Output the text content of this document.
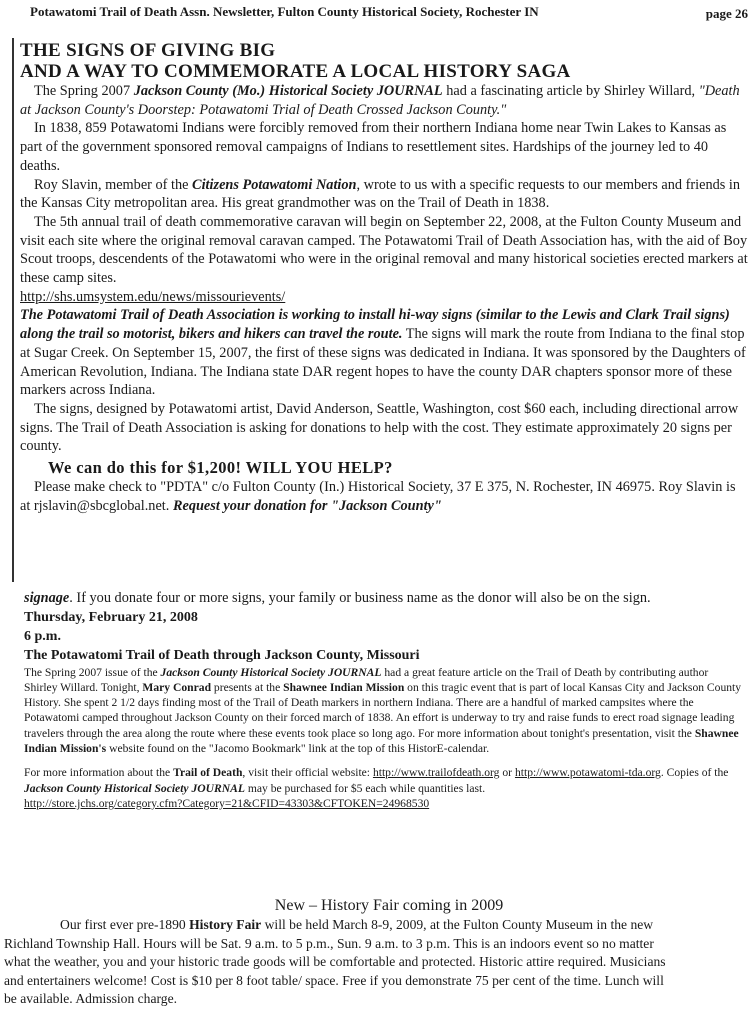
Potawatomi Trail of Death Assn. Newsletter, Fulton County Historical Society, Rochester IN	page 26
THE SIGNS OF GIVING BIG
AND A WAY TO COMMEMORATE A LOCAL HISTORY SAGA

The Spring 2007 Jackson County (Mo.) Historical Society JOURNAL had a fascinating article by Shirley Willard, "Death at Jackson County's Doorstep: Potawatomi Trial of Death Crossed Jackson County."

In 1838, 859 Potawatomi Indians were forcibly removed from their northern Indiana home near Twin Lakes to Kansas as part of the government sponsored removal campaigns of Indians to resettlement sites. Hardships of the journey led to 40 deaths.

Roy Slavin, member of the Citizens Potawatomi Nation, wrote to us with a specific requests to our members and friends in the Kansas City metropolitan area. His great grandmother was on the Trail of Death in 1838.

The 5th annual trail of death commemorative caravan will begin on September 22, 2008, at the Fulton County Museum and visit each site where the original removal caravan camped. The Potawatomi Trail of Death Association has, with the aid of Boy Scout troops, descendents of the Potawatomi who were in the original removal and many historical societies erected markers at these camp sites.

http://shs.umsystem.edu/news/missourievents/

The Potawatomi Trail of Death Association is working to install hi-way signs (similar to the Lewis and Clark Trail signs) along the trail so motorist, bikers and hikers can travel the route. The signs will mark the route from Indiana to the final stop at Sugar Creek. On September 15, 2007, the first of these signs was dedicated in Indiana. It was sponsored by the Daughters of American Revolution, Indiana. The Indiana state DAR regent hopes to have the county DAR chapters sponsor more of these markers across Indiana.

The signs, designed by Potawatomi artist, David Anderson, Seattle, Washington, cost $60 each, including directional arrow signs. The Trail of Death Association is asking for donations to help with the cost. They estimate approximately 20 signs per county.

We can do this for $1,200! WILL YOU HELP?

Please make check to "PDTA" c/o Fulton County (In.) Historical Society, 37 E 375, N. Rochester, IN 46975. Roy Slavin is at rjslavin@sbcglobal.net. Request your donation for "Jackson County"

signage. If you donate four or more signs, your family or business name as the donor will also be on the sign.

Thursday, February 21, 2008

6 p.m.

The Potawatomi Trail of Death through Jackson County, Missouri

The Spring 2007 issue of the Jackson County Historical Society JOURNAL had a great feature article on the Trail of Death by contributing author Shirley Willard. Tonight, Mary Conrad presents at the Shawnee Indian Mission on this tragic event that is part of local Kansas City and Jackson County History. She spent 2 1/2 days finding most of the Trail of Death markers in northern Indiana. There are a handful of marked campsites where the Potawatomi camped throughout Jackson County on their forced march of 1838. An effort is underway to try and raise funds to erect road signage leading travelers through the area along the route where these events took place so long ago. For more information about tonight's presentation, visit the Shawnee Indian Mission's website found on the "Jacomo Bookmark" link at the top of this HistorE-calendar.

For more information about the Trail of Death, visit their official website: http://www.trailofdeath.org or http://www.potawatomi-tda.org. Copies of the Jackson County Historical Society JOURNAL may be purchased for $5 each while quantities last.

http://store.jchs.org/category.cfm?Category=21&CFID=43303&CFTOKEN=24968530

New – History Fair coming in 2009

Our first ever pre-1890 History Fair will be held March 8-9, 2009, at the Fulton County Museum in the new

Richland Township Hall. Hours will be Sat. 9 a.m. to 5 p.m., Sun. 9 a.m. to 3 p.m. This is an indoors event so no matter

what the weather, you and your historic trade goods will be comfortable and protected. Historic attire required. Musicians

and entertainers welcome! Cost is $10 per 8 foot table/ space. Free if you demonstrate 75 per cent of the time. Lunch will

be available. Admission charge.
